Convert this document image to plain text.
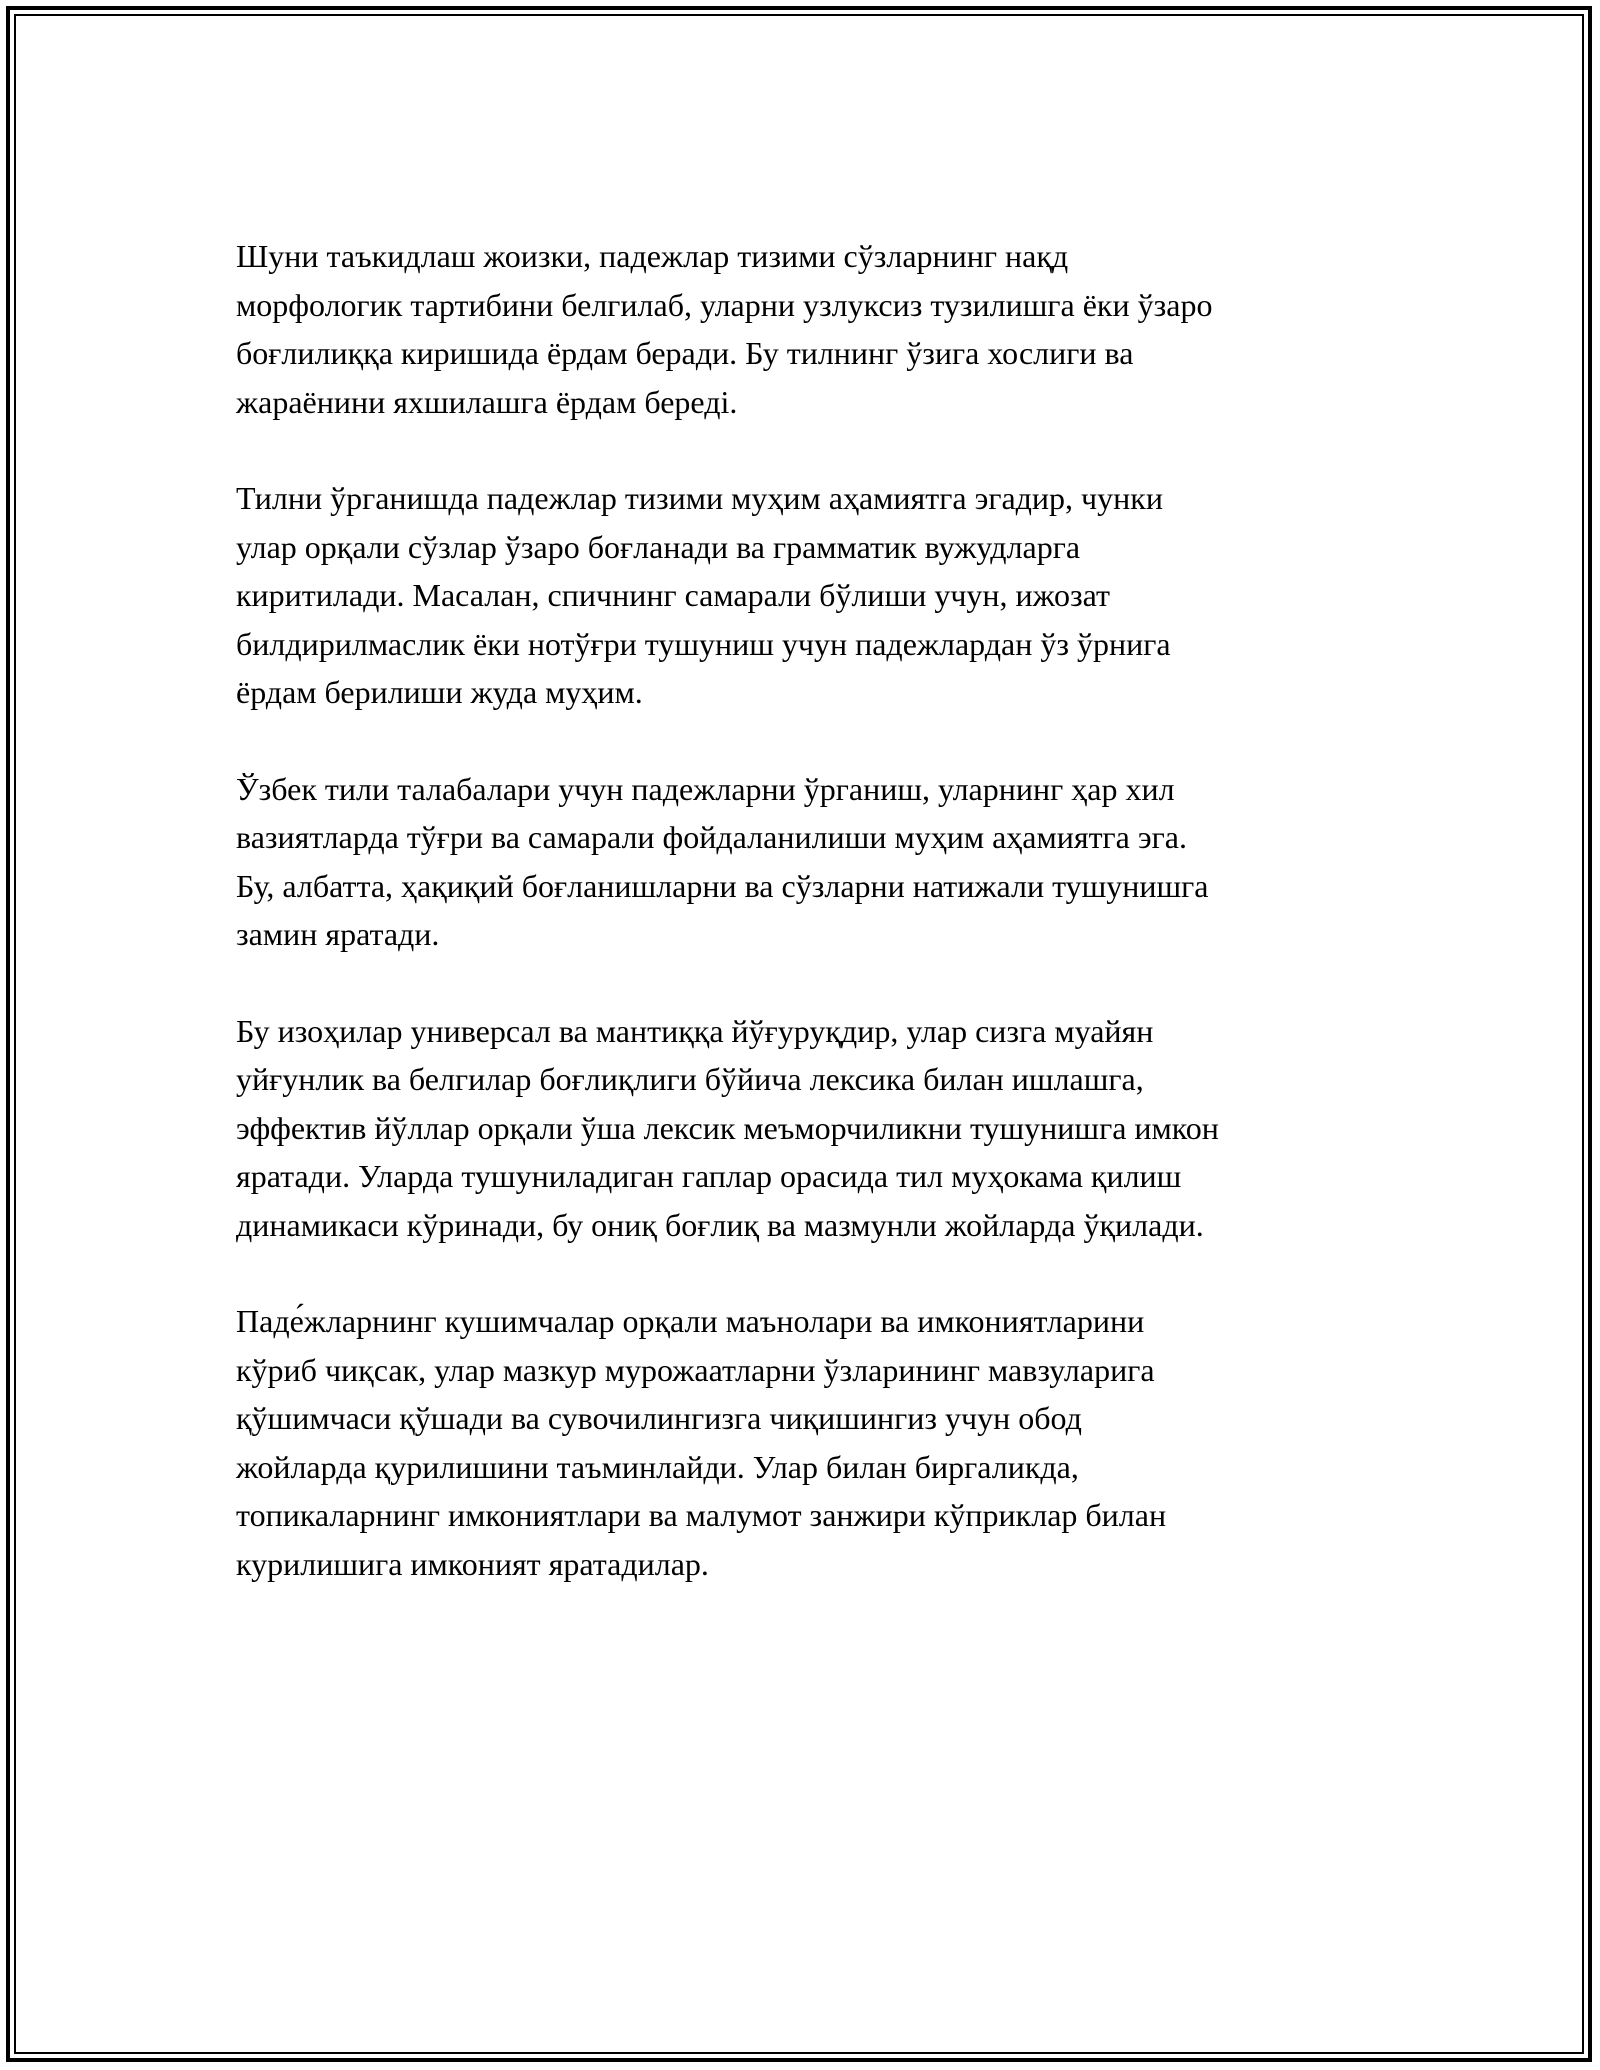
Шуни таъкидлаш жоизки, падежлар тизими сўзларнинг нақд
морфологик тартибини белгилаб, уларни узлуксиз тузилишга ёки ўзаро
боғлилиққа киришида ёрдам беради. Бу тилнинг ўзига хослиги ва
жараёнини яхшилашга ёрдам береді.

Тилни ўрганишда падежлар тизими муҳим аҳамиятга эгадир, чунки
улар орқали сўзлар ўзаро боғланади ва грамматик вужудларга
киритилади. Масалан, спичнинг самарали бўлиши учун, ижозат
билдирилмаслик ёки нотўғри тушуниш учун падежлардан ўз ўрнига
ёрдам берилиши жуда муҳим.

Ўзбек тили талабалари учун падежларни ўрганиш, уларнинг ҳар хил
вазиятларда тўғри ва самарали фойдаланилиши муҳим аҳамиятга эга.
Бу, албатта, ҳақиқий боғланишларни ва сўзларни натижали тушунишга
замин яратади.

Бу изоҳилар универсал ва мантиққа йўғуруқдир, улар сизга муайян
уйғунлик ва белгилар боғлиқлиги бўйича лексика билан ишлашга,
эффектив йўллар орқали ўша лексик меъморчиликни тушунишга имкон
яратади. Уларда тушуниладиган гаплар орасида тил муҳокама қилиш
динамикаси кўринади, бу ониқ боғлиқ ва мазмунли жойларда ўқилади.

Паде́жларнинг кушимчалар орқали маънолари ва имкониятларини
кўриб чиқсак, улар мазкур мурожаатларни ўзларининг мавзуларига
қўшимчаси қўшади ва сувочилингизга чиқишингиз учун обод
жойларда қурилишини таъминлайди. Улар билан биргаликда,
топикаларнинг имкониятлари ва малумот занжири кўприклар билан
курилишига имконият яратадилар.
